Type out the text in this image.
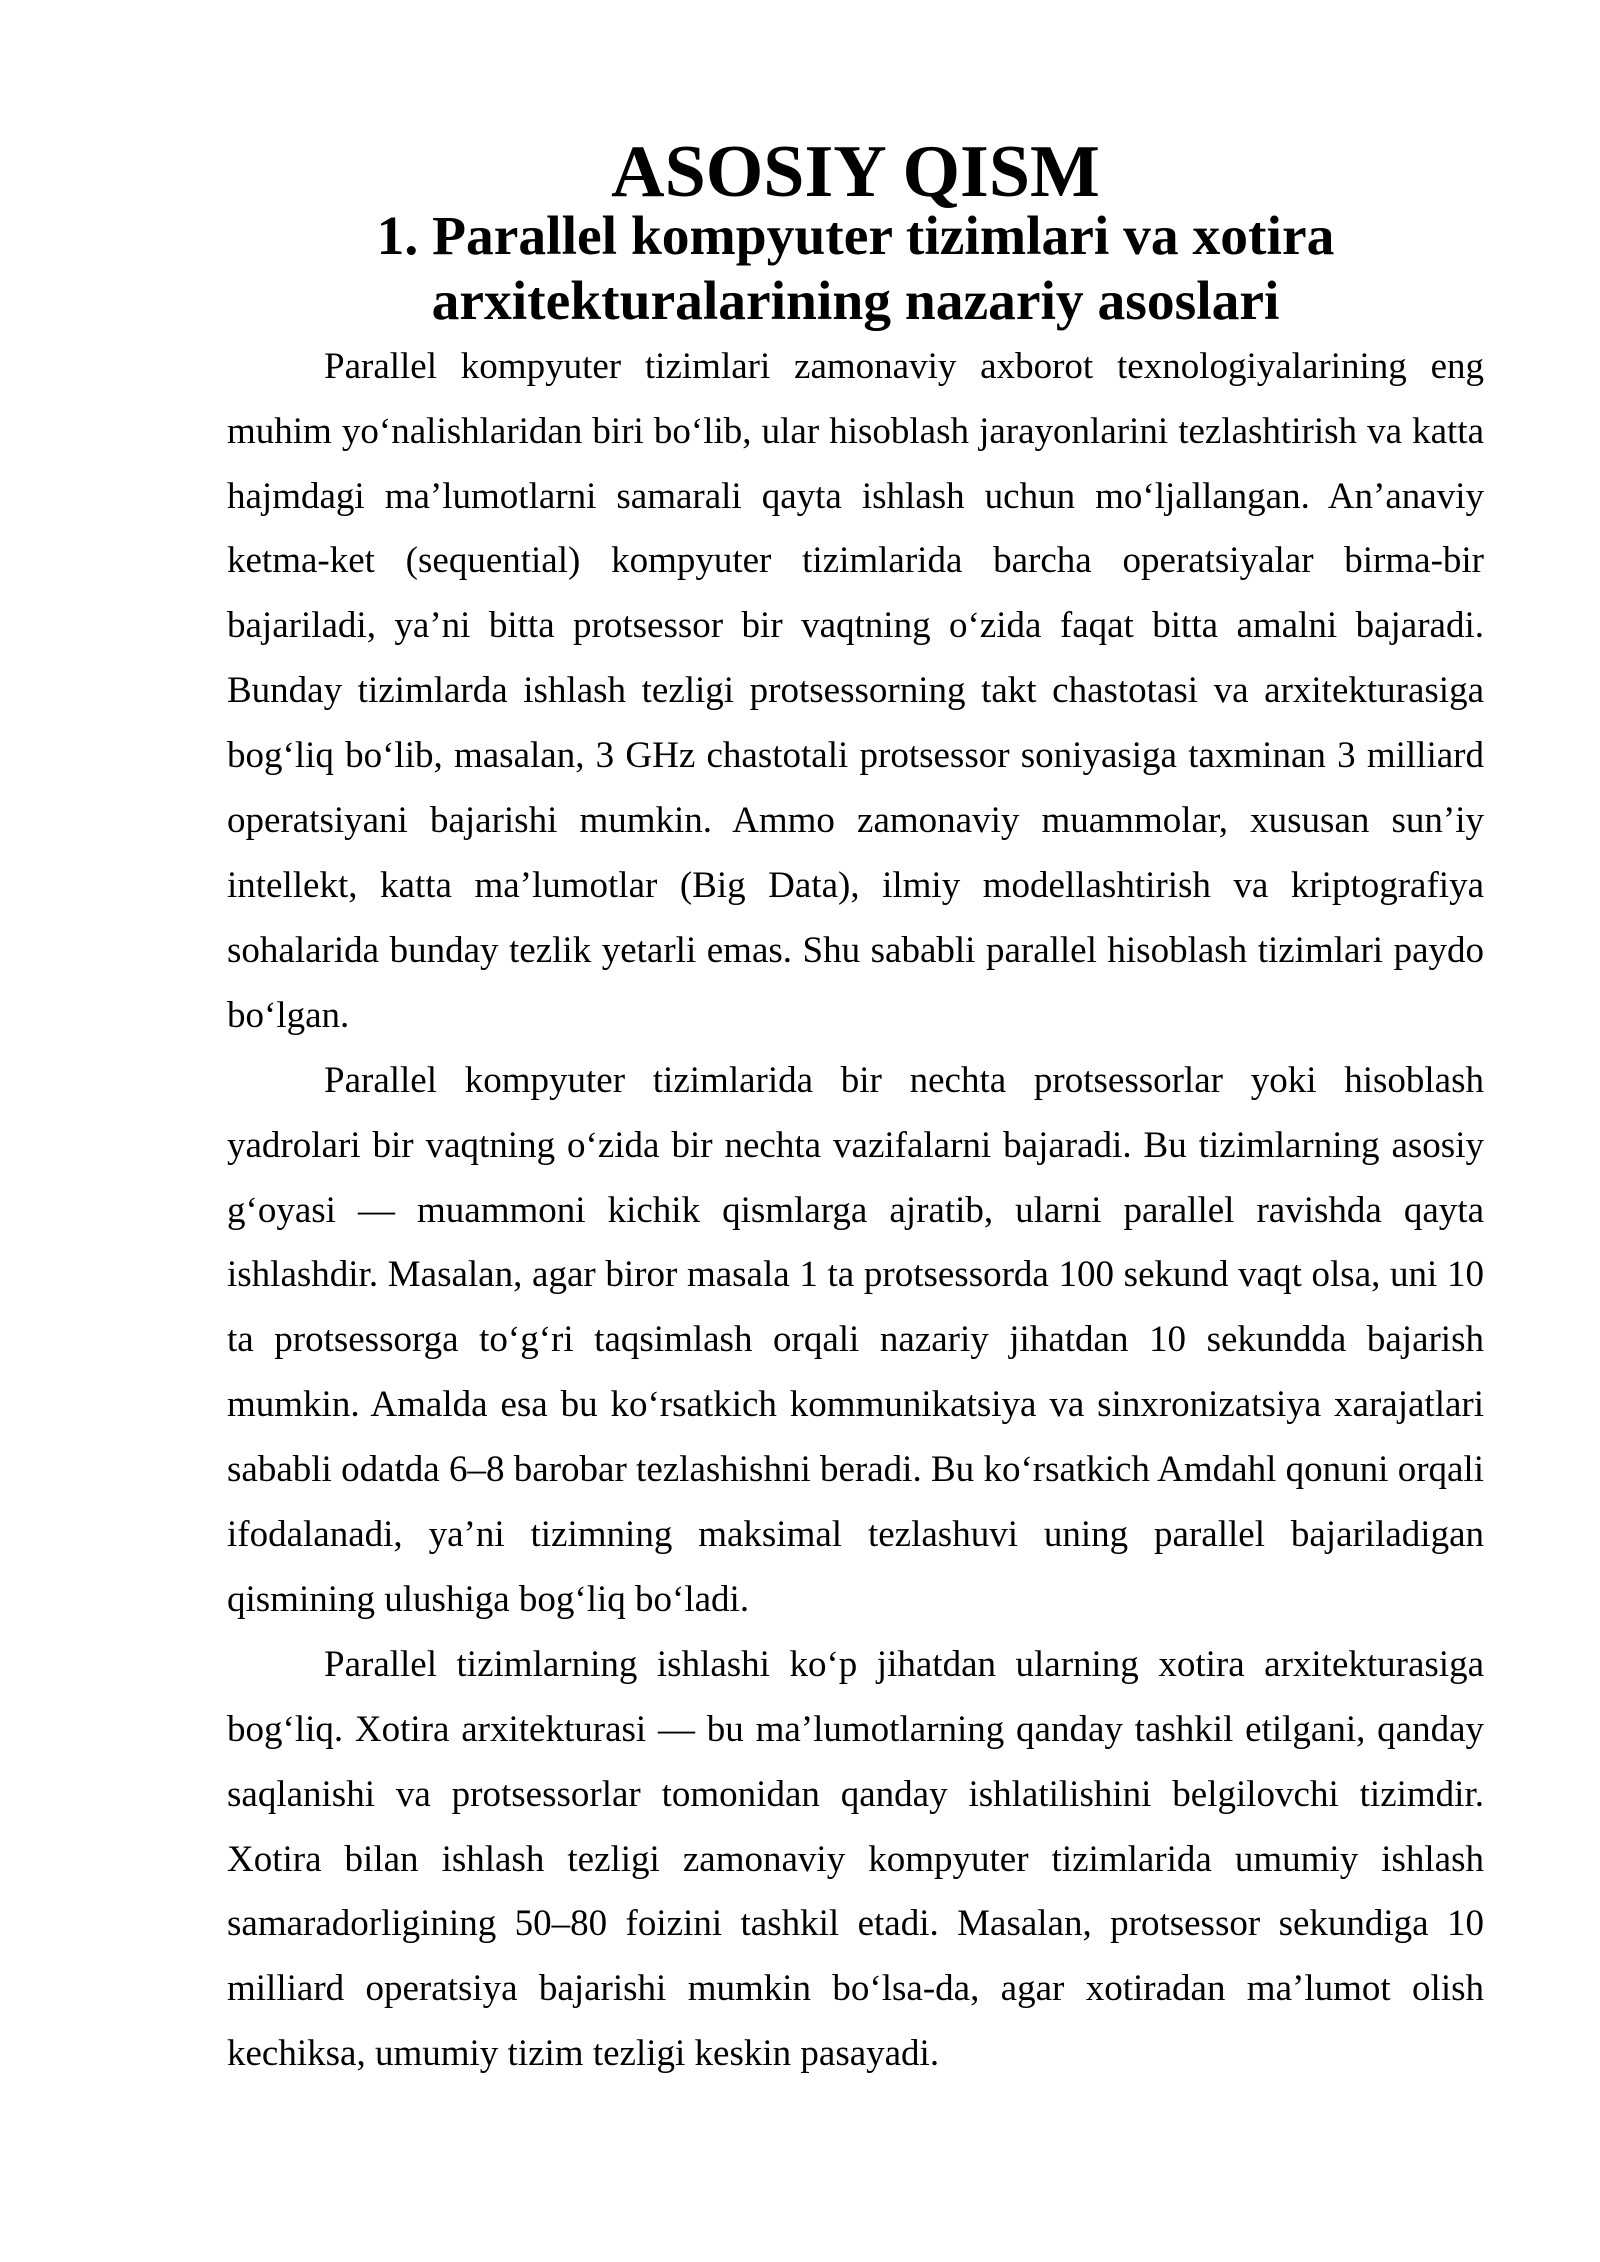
ASOSIY QISM
1. Parallel kompyuter tizimlari va xotira arxitekturalarining nazariy asoslari

Parallel kompyuter tizimlari zamonaviy axborot texnologiyalarining eng muhim yo‘nalishlaridan biri bo‘lib, ular hisoblash jarayonlarini tezlashtirish va katta hajmdagi ma’lumotlarni samarali qayta ishlash uchun mo‘ljallangan. An’anaviy ketma-ket (sequential) kompyuter tizimlarida barcha operatsiyalar birma-bir bajariladi, ya’ni bitta protsessor bir vaqtning o‘zida faqat bitta amalni bajaradi. Bunday tizimlarda ishlash tezligi protsessorning takt chastotasi va arxitekturasiga bog‘liq bo‘lib, masalan, 3 GHz chastotali protsessor soniyasiga taxminan 3 milliard operatsiyani bajarishi mumkin. Ammo zamonaviy muammolar, xususan sun’iy intellekt, katta ma’lumotlar (Big Data), ilmiy modellashtirish va kriptografiya sohalarida bunday tezlik yetarli emas. Shu sababli parallel hisoblash tizimlari paydo bo‘lgan.

Parallel kompyuter tizimlarida bir nechta protsessorlar yoki hisoblash yadrolari bir vaqtning o‘zida bir nechta vazifalarni bajaradi. Bu tizimlarning asosiy g‘oyasi — muammoni kichik qismlarga ajratib, ularni parallel ravishda qayta ishlashdir. Masalan, agar biror masala 1 ta protsessorda 100 sekund vaqt olsa, uni 10 ta protsessorga to‘g‘ri taqsimlash orqali nazariy jihatdan 10 sekundda bajarish mumkin. Amalda esa bu ko‘rsatkich kommunikatsiya va sinxronizatsiya xarajatlari sababli odatda 6–8 barobar tezlashishni beradi. Bu ko‘rsatkich Amdahl qonuni orqali ifodalanadi, ya’ni tizimning maksimal tezlashuvi uning parallel bajariladigan qismining ulushiga bog‘liq bo‘ladi.

Parallel tizimlarning ishlashi ko‘p jihatdan ularning xotira arxitekturasiga bog‘liq. Xotira arxitekturasi — bu ma’lumotlarning qanday tashkil etilgani, qanday saqlanishi va protsessorlar tomonidan qanday ishlatilishini belgilovchi tizimdir. Xotira bilan ishlash tezligi zamonaviy kompyuter tizimlarida umumiy ishlash samaradorligining 50–80 foizini tashkil etadi. Masalan, protsessor sekundiga 10 milliard operatsiya bajarishi mumkin bo‘lsa-da, agar xotiradan ma’lumot olish kechiksa, umumiy tizim tezligi keskin pasayadi.
